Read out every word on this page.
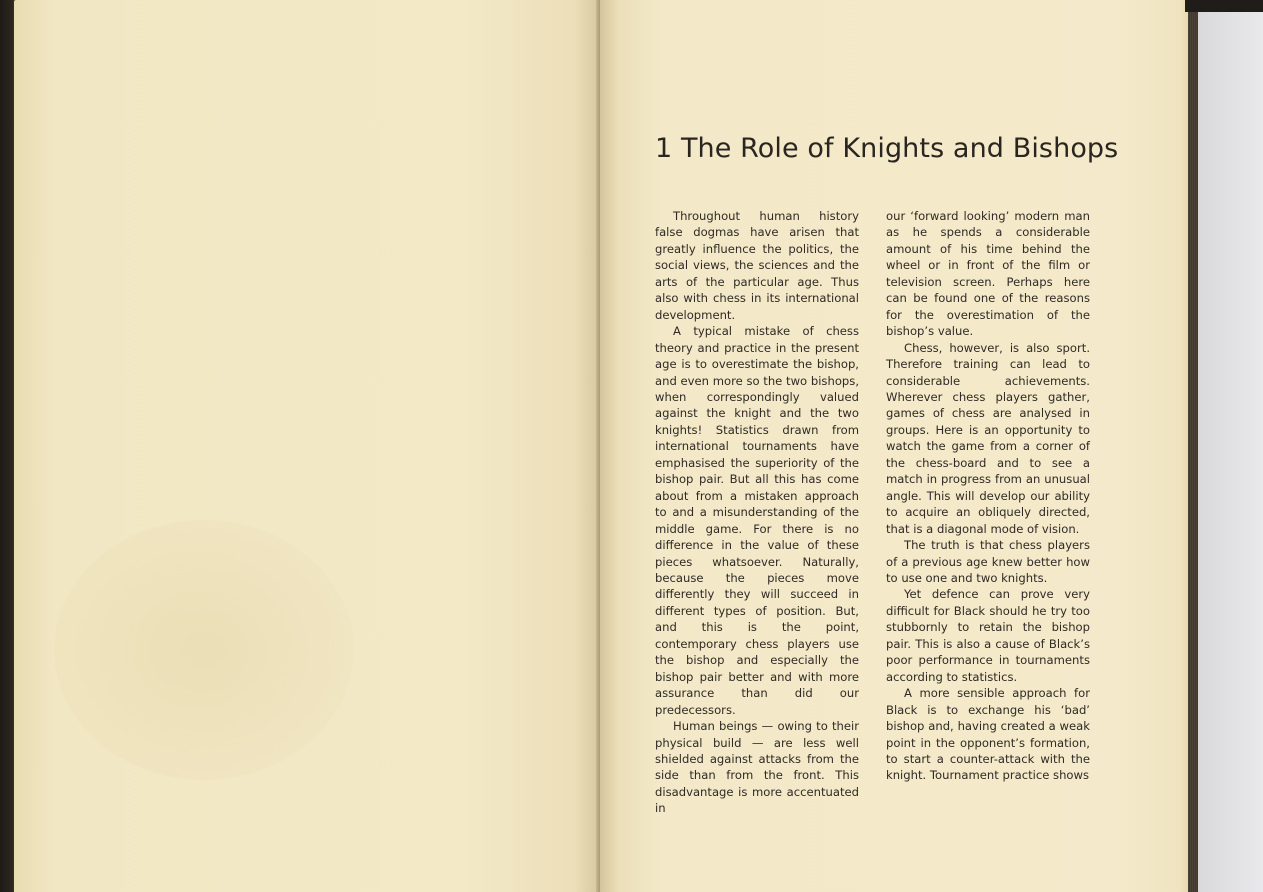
1 The Role of Knights and Bishops

Throughout human history false dogmas have arisen that greatly influence the politics, the social views, the sciences and the arts of the particular age. Thus also with chess in its international development.

A typical mistake of chess theory and practice in the present age is to overestimate the bishop, and even more so the two bishops, when correspondingly valued against the knight and the two knights! Statistics drawn from international tournaments have emphasised the superiority of the bishop pair. But all this has come about from a mistaken approach to and a misunderstanding of the middle game. For there is no difference in the value of these pieces whatsoever. Naturally, because the pieces move differently they will succeed in different types of position. But, and this is the point, contemporary chess players use the bishop and especially the bishop pair better and with more assurance than did our predecessors.

Human beings — owing to their physical build — are less well shielded against attacks from the side than from the front. This disadvantage is more accentuated in

our ‘forward looking’ modern man as he spends a considerable amount of his time behind the wheel or in front of the film or television screen. Perhaps here can be found one of the reasons for the overestimation of the bishop’s value.

Chess, however, is also sport. Therefore training can lead to considerable achievements. Wherever chess players gather, games of chess are analysed in groups. Here is an opportunity to watch the game from a corner of the chess-board and to see a match in progress from an unusual angle. This will develop our ability to acquire an obliquely directed, that is a diagonal mode of vision.

The truth is that chess players of a previous age knew better how to use one and two knights.

Yet defence can prove very difficult for Black should he try too stubbornly to retain the bishop pair. This is also a cause of Black’s poor performance in tournaments according to statistics.

A more sensible approach for Black is to exchange his ‘bad’ bishop and, having created a weak point in the opponent’s formation, to start a counter-attack with the knight. Tournament practice shows
